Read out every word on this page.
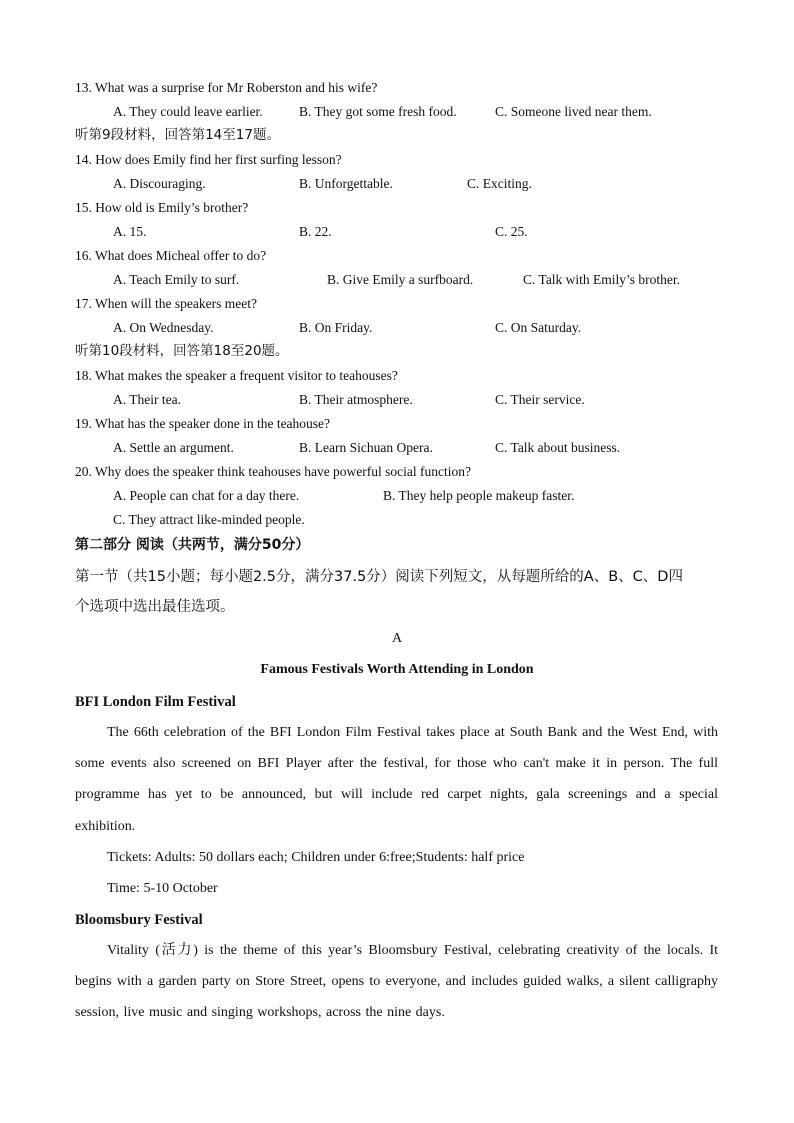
13. What was a surprise for Mr Roberston and his wife?
A. They could leave earlier.	B. They got some fresh food.	C. Someone lived near them.
听第9段材料，回答第14至17题。
14. How does Emily find her first surfing lesson?
A. Discouraging.	B. Unforgettable.	C. Exciting.
15. How old is Emily’s brother?
A. 15.	B. 22.	C. 25.
16. What does Micheal offer to do?
A. Teach Emily to surf.	B. Give Emily a surfboard.	C. Talk with Emily’s brother.
17. When will the speakers meet?
A. On Wednesday.	B. On Friday.	C. On Saturday.
听第10段材料，回答第18至20题。
18. What makes the speaker a frequent visitor to teahouses?
A. Their tea.	B. Their atmosphere.	C. Their service.
19. What has the speaker done in the teahouse?
A. Settle an argument.	B. Learn Sichuan Opera.	C. Talk about business.
20. Why does the speaker think teahouses have powerful social function?
A. People can chat for a day there.	B. They help people makeup faster.
C. They attract like-minded people.
第二部分 阅读（共两节，满分50分）
第一节（共15小题；每小题2.5分，满分37.5分）阅读下列短文，从每题所给的A、B、C、D四
个选项中选出最佳选项。
A
Famous Festivals Worth Attending in London
BFI London Film Festival

The 66th celebration of the BFI London Film Festival takes place at South Bank and the West End, with some events also screened on BFI Player after the festival, for those who can't make it in person. The full programme has yet to be announced, but will include red carpet nights, gala screenings and a special exhibition.

Tickets: Adults: 50 dollars each; Children under 6:free;Students: half price
Time: 5-10 October
Bloomsbury Festival

Vitality (活力) is the theme of this year’s Bloomsbury Festival, celebrating creativity of the locals. It begins with a garden party on Store Street, opens to everyone, and includes guided walks, a silent calligraphy session, live music and singing workshops, across the nine days.
